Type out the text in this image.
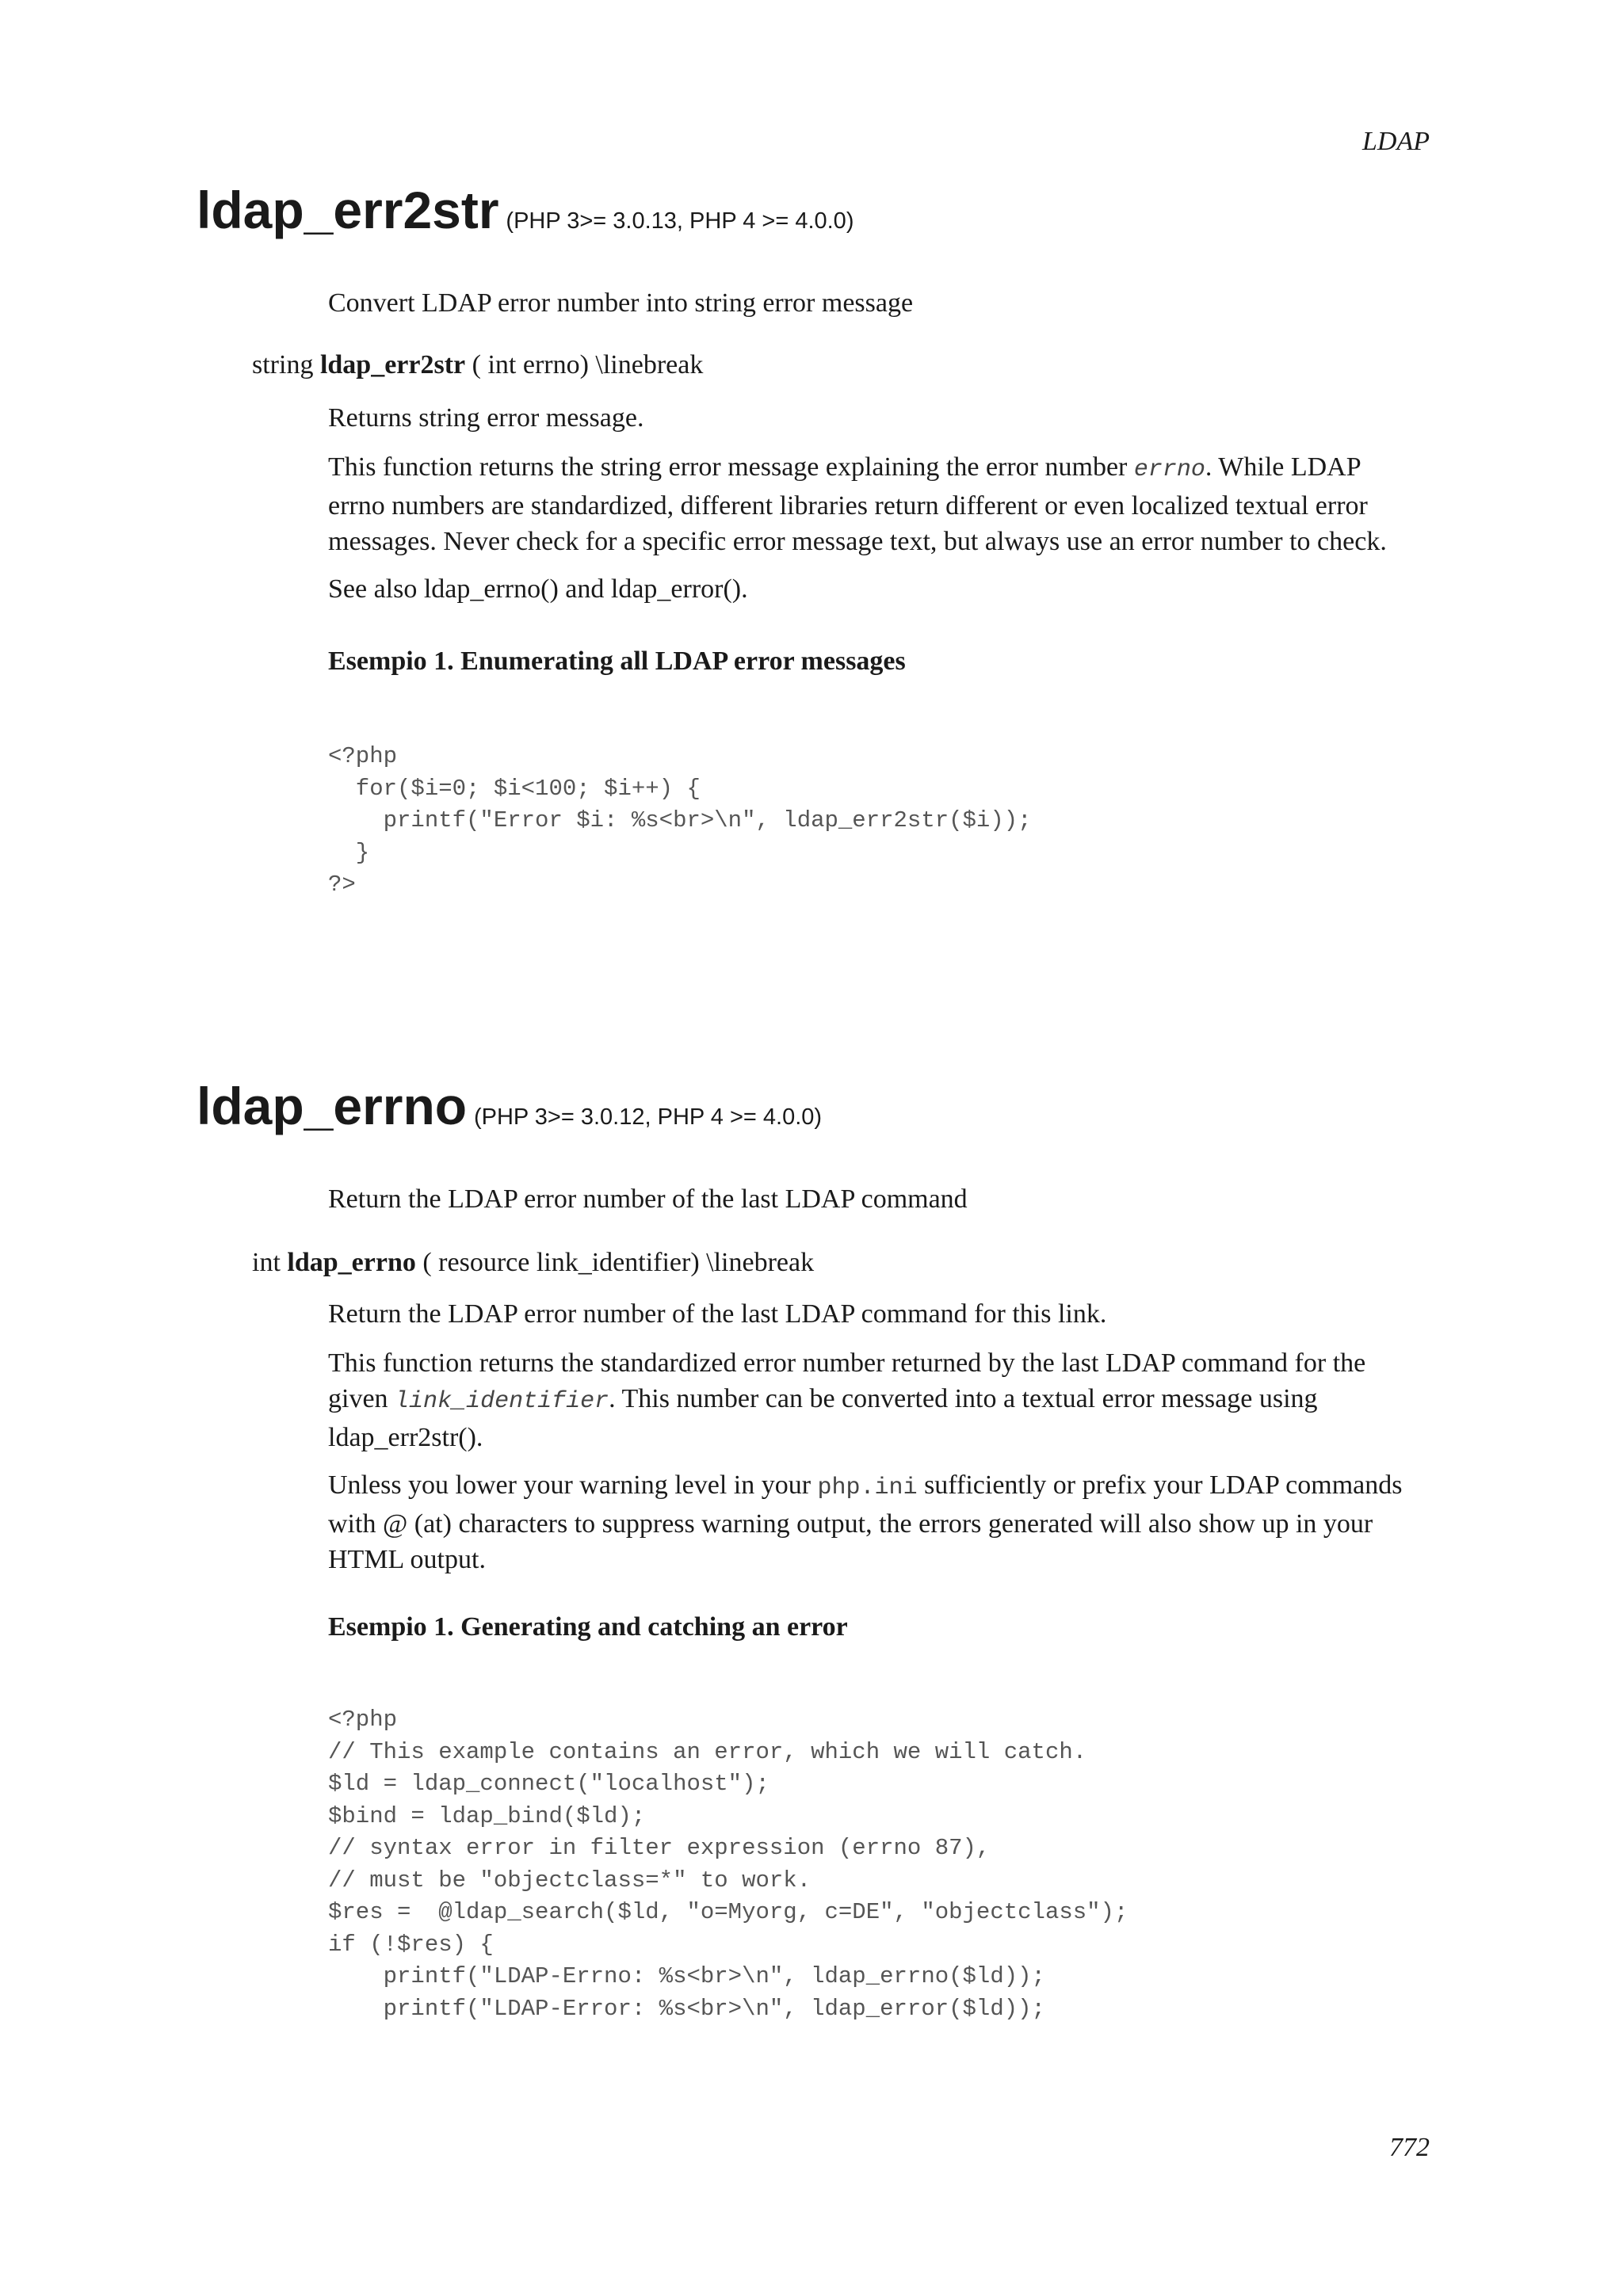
LDAP
ldap_err2str (PHP 3>= 3.0.13, PHP 4 >= 4.0.0)
Convert LDAP error number into string error message
string ldap_err2str ( int errno) \linebreak

Returns string error message.

This function returns the string error message explaining the error number errno. While LDAP errno numbers are standardized, different libraries return different or even localized textual error messages. Never check for a specific error message text, but always use an error number to check.

See also ldap_errno() and ldap_error().

Esempio 1. Enumerating all LDAP error messages
<?php
for($i=0; $i<100; $i++) {
printf("Error $i: %s<br>\n", ldap_err2str($i));
}
?>
ldap_errno (PHP 3>= 3.0.12, PHP 4 >= 4.0.0)
Return the LDAP error number of the last LDAP command
int ldap_errno ( resource link_identifier) \linebreak

Return the LDAP error number of the last LDAP command for this link.

This function returns the standardized error number returned by the last LDAP command for the given link_identifier. This number can be converted into a textual error message using ldap_err2str().

Unless you lower your warning level in your php.ini sufficiently or prefix your LDAP commands with @ (at) characters to suppress warning output, the errors generated will also show up in your HTML output.

Esempio 1. Generating and catching an error
<?php
// This example contains an error, which we will catch.
$ld = ldap_connect("localhost");
$bind = ldap_bind($ld);
// syntax error in filter expression (errno 87),
// must be "objectclass=*" to work.
$res =  @ldap_search($ld, "o=Myorg, c=DE", "objectclass");
if (!$res) {
printf("LDAP-Errno: %s<br>\n", ldap_errno($ld));
printf("LDAP-Error: %s<br>\n", ldap_error($ld));
772
